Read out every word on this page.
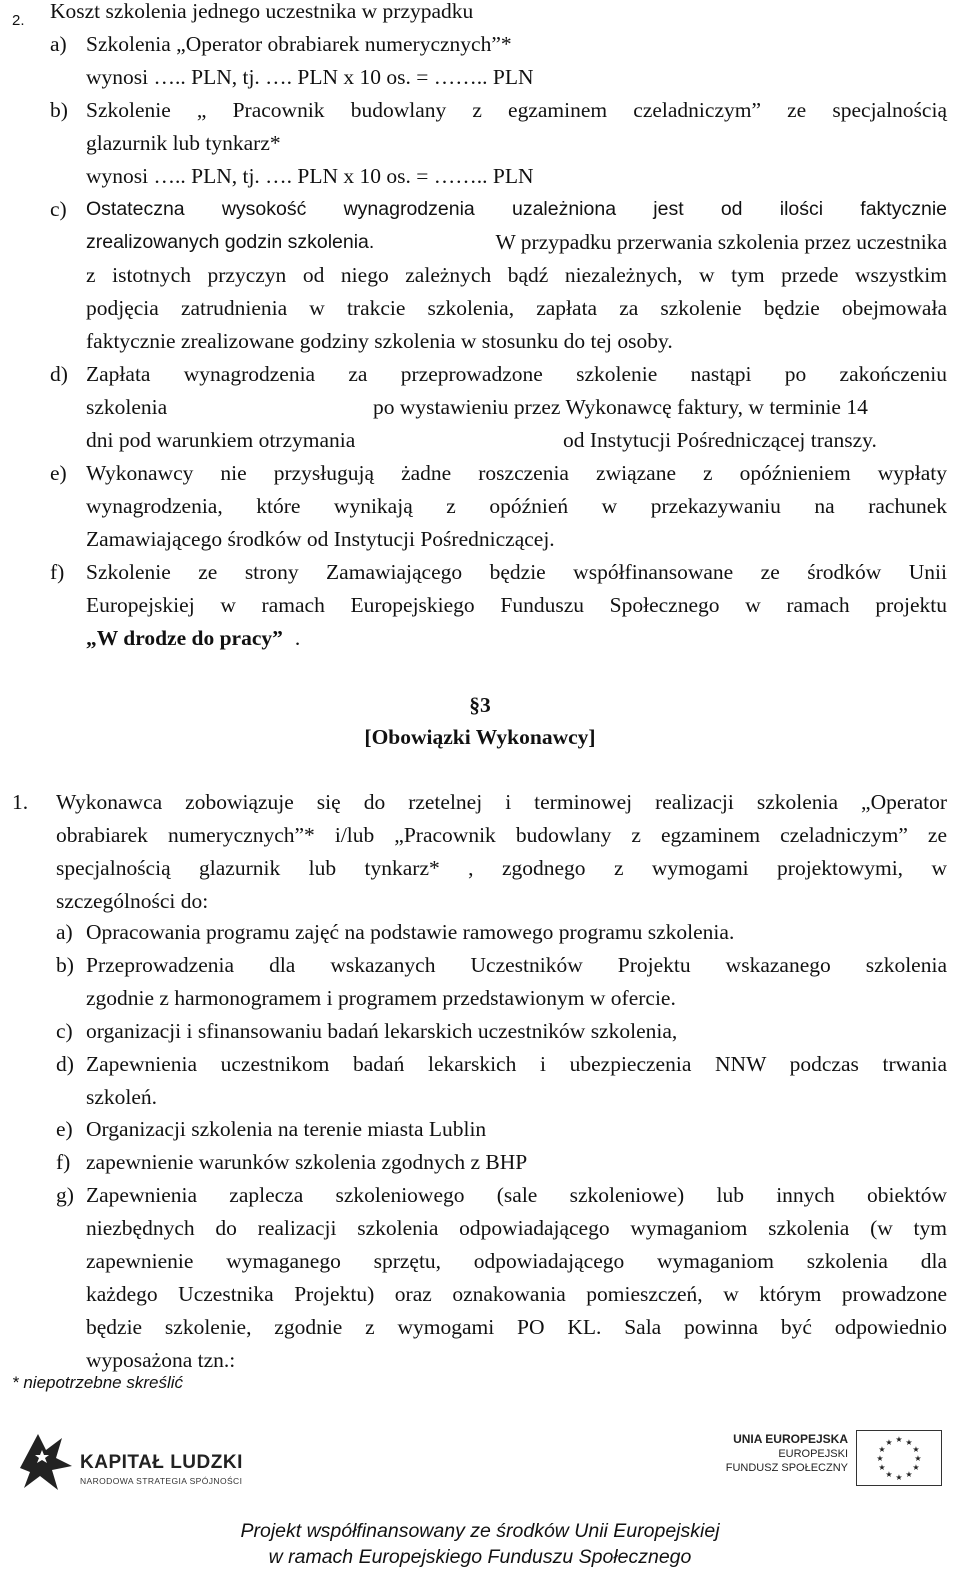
2. Koszt szkolenia jednego uczestnika w przypadku
a) Szkolenia „Operator obrabiarek numerycznych”*
wynosi ….. PLN, tj. …. PLN x 10 os. = …….. PLN
b) Szkolenie „ Pracownik budowlany z egzaminem czeladniczym” ze specjalnością
glazurnik lub tynkarz*
wynosi ….. PLN, tj. …. PLN x 10 os. = …….. PLN
c) Ostateczna wysokość wynagrodzenia uzależniona jest od ilości faktycznie
zrealizowanych godzin szkolenia.	W przypadku przerwania szkolenia przez uczestnika
z istotnych przyczyn od niego zależnych bądź niezależnych, w tym przede wszystkim
podjęcia zatrudnienia w trakcie szkolenia, zapłata za szkolenie będzie obejmowała
faktycznie zrealizowane godziny szkolenia w stosunku do tej osoby.
d) Zapłata wynagrodzenia za przeprowadzone szkolenie nastąpi po zakończeniu
szkolenia	po wystawieniu przez Wykonawcę faktury, w terminie 14
dni pod warunkiem otrzymania	od Instytucji Pośredniczącej transzy.
e) Wykonawcy nie przysługują żadne roszczenia związane z opóźnieniem wypłaty
wynagrodzenia, które wynikają z opóźnień w przekazywaniu na rachunek
Zamawiającego środków od Instytucji Pośredniczącej.
f) Szkolenie ze strony Zamawiającego będzie współfinansowane ze środków Unii
Europejskiej w ramach Europejskiego Funduszu Społecznego w ramach projektu
„W drodze do pracy” .
§3
[Obowiązki Wykonawcy]
1. Wykonawca zobowiązuje się do rzetelnej i terminowej realizacji szkolenia „Operator
obrabiarek numerycznych”* i/lub „Pracownik budowlany z egzaminem czeladniczym” ze
specjalnością glazurnik lub tynkarz* , zgodnego z wymogami projektowymi, w
szczególności do:
a) Opracowania programu zajęć na podstawie ramowego programu szkolenia.
b) Przeprowadzenia dla wskazanych Uczestników Projektu wskazanego szkolenia
zgodnie z harmonogramem i programem przedstawionym w ofercie.
c) organizacji i sfinansowaniu badań lekarskich uczestników szkolenia,
d) Zapewnienia uczestnikom badań lekarskich i ubezpieczenia NNW podczas trwania
szkoleń.
e) Organizacji szkolenia na terenie miasta Lublin
f) zapewnienie warunków szkolenia zgodnych z BHP
g) Zapewnienia zaplecza szkoleniowego (sale szkoleniowe) lub innych obiektów
niezbędnych do realizacji szkolenia odpowiadającego wymaganiom szkolenia (w tym
zapewnienie wymaganego sprzętu, odpowiadającego wymaganiom szkolenia dla
każdego Uczestnika Projektu) oraz oznakowania pomieszczeń, w którym prowadzone
będzie szkolenie, zgodnie z wymogami PO KL. Sala powinna być odpowiednio
wyposażona tzn.:
* niepotrzebne skreślić
KAPITAŁ LUDZKI
NARODOWA STRATEGIA SPÓJNOŚCI
UNIA EUROPEJSKA
EUROPEJSKI
FUNDUSZ SPOŁECZNY
★ ★
★
★
★
★
★
★
★
★
★
★
Projekt współfinansowany ze środków Unii Europejskiej
w ramach Europejskiego Funduszu Społecznego
